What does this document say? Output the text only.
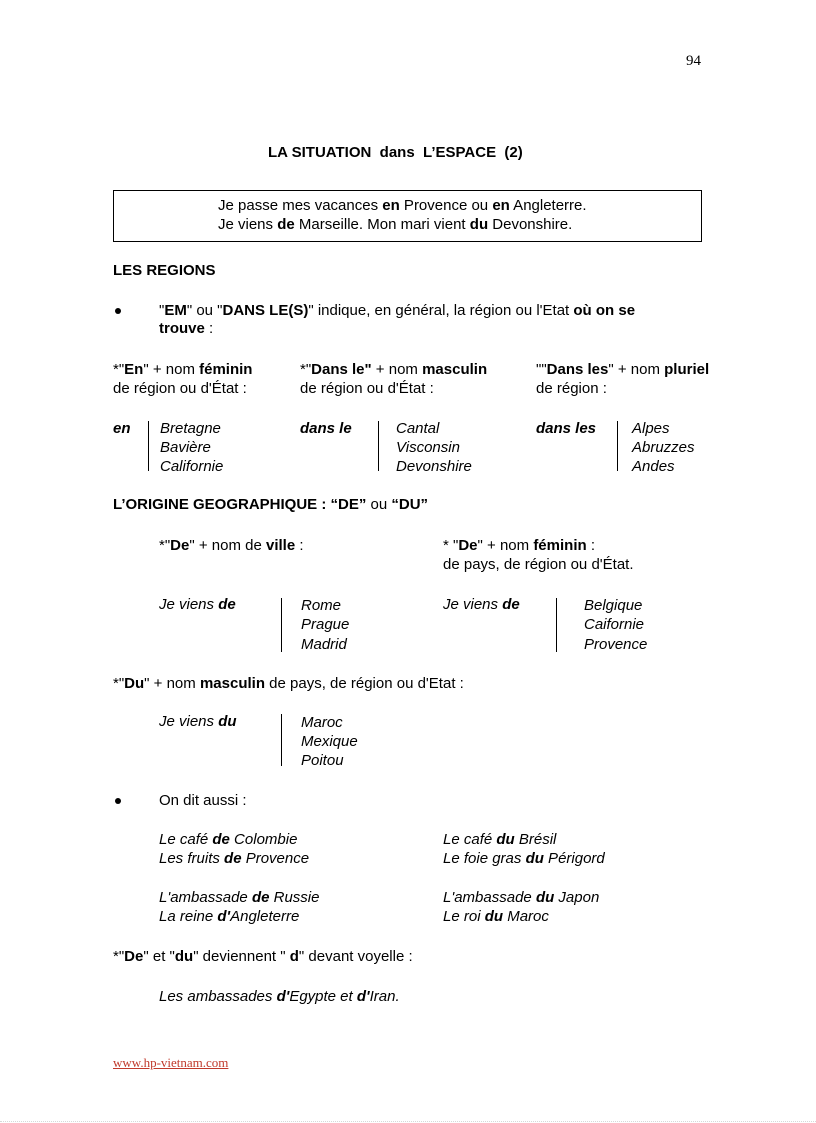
94
LA SITUATION  dans  L’ESPACE  (2)
Je passe mes vacances en Provence ou en Angleterre.
Je viens de Marseille. Mon mari vient du Devonshire.
LES REGIONS
"EM" ou "DANS LE(S)" indique, en général, la région ou l'Etat où on se
trouve :
*"En" + nom féminin
de région ou d'État :
*"Dans le" + nom masculin
de région ou d'État :
""Dans les" + nom pluriel
de région :
en Bretagne
Bavière
Californie
dans le	Cantal
Visconsin
Devonshire
dans les Alpes
Abruzzes
Andes
L’ORIGINE GEOGRAPHIQUE : “DE” ou “DU”
*"De" + nom de ville :	* "De" + nom féminin :
de pays, de région ou d'État.
Je viens de	Rome
Prague
Madrid
Je viens de	Belgique
Caifornie
Provence
*"Du" + nom masculin de pays, de région ou d'Etat :
Je viens du	Maroc
Mexique
Poitou
On dit aussi :
Le café de Colombie
Les fruits de Provence
L'ambassade de Russie
La reine d'Angleterre
Le café du Brésil
Le foie gras du Périgord
L'ambassade du Japon
Le roi du Maroc
*"De" et "du" deviennent " d" devant voyelle :
Les ambassades d'Egypte et d'Iran.
www.hp-vietnam.com
